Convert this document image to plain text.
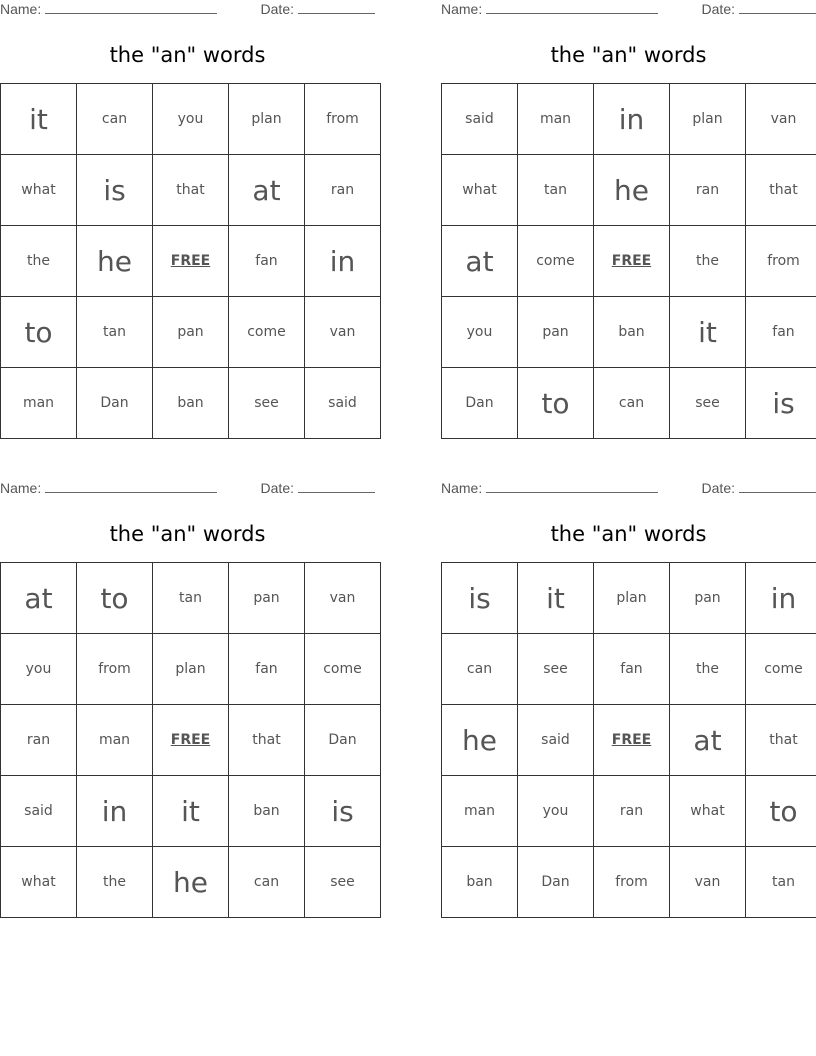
Name:	Date:
the "an" words
it	can	you	plan	from
what	is	that	at	ran
the	he	FREE	fan	in
to	tan	pan	come	van
man	Dan	ban	see	said
Name:	Date:
the "an" words
said	man	in	plan	van
what	tan	he	ran	that
at	come	FREE	the	from
you	pan	ban	it	fan
Dan	to	can	see	is
Name:	Date:
the "an" words
at	to	tan	pan	van
you	from	plan	fan	come
ran	man	FREE	that	Dan
said	in	it	ban	is
what	the	he	can	see
Name:	Date:
the "an" words
is	it	plan	pan	in
can	see	fan	the	come
he	said	FREE	at	that
man	you	ran	what	to
ban	Dan	from	van	tan
